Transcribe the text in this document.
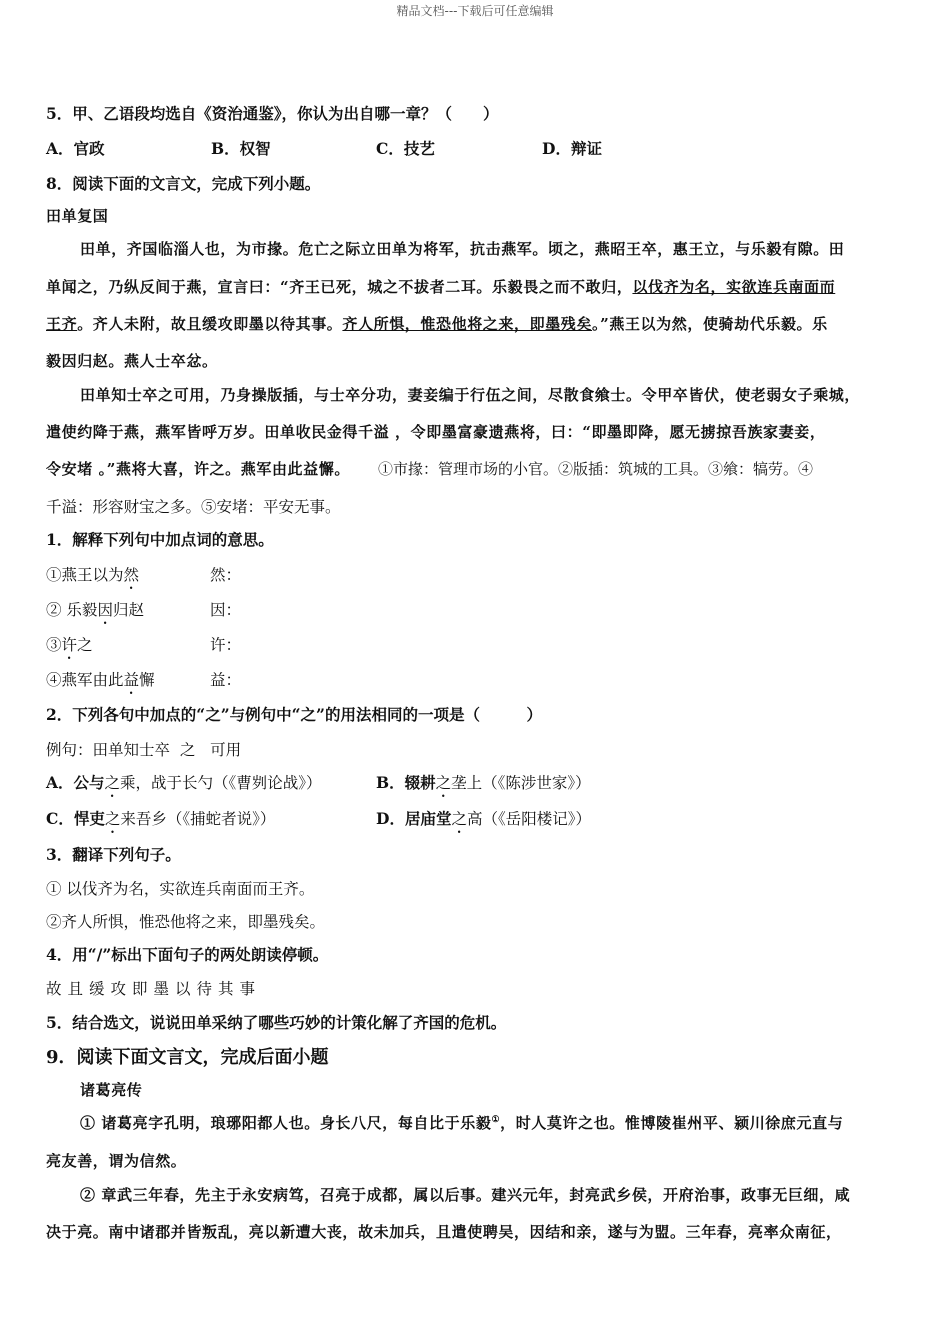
精品文档---下载后可任意编辑
5．甲、乙语段均选自《资治通鉴》，你认为出自哪一章？（　　）
A．官政	B．权智	C．技艺	D．辩证
8．阅读下面的文言文，完成下列小题。
田单复国
田单，齐国临淄人也，为市掾。危亡之际立田单为将军，抗击燕军。顷之，燕昭王卒，惠王立，与乐毅有隙。田
单闻之，乃纵反间于燕，宣言曰：“齐王已死，城之不拔者二耳。乐毅畏之而不敢归，以伐齐为名，实欲连兵南面而
王齐。齐人未附，故且缓攻即墨以待其事。齐人所惧，惟恐他将之来，即墨残矣。”燕王以为然，使骑劫代乐毅。乐
毅因归赵。燕人士卒忿。
田单知士卒之可用，乃身操版插，与士卒分功，妻妾编于行伍之间，尽散食飨士。令甲卒皆伏，使老弱女子乘城，
遣使约降于燕，燕军皆呼万岁。田单收民金得千溢 ，令即墨富豪遗燕将，曰：“即墨即降，愿无掳掠吾族家妻妾，
令安堵 。”燕将大喜，许之。燕军由此益懈。 ①市掾：管理市场的小官。②版插：筑城的工具。③飨：犒劳。④
千溢：形容财宝之多。⑤安堵：平安无事。
1．解释下列句中加点词的意思。
①燕王以为然	然：
② 乐毅因归赵	因：
③许之	许：
④燕军由此益懈	益：
2．下列各句中加点的“之”与例句中“之”的用法相同的一项是（　　　）
例句：田单知士卒  之   可用
A．公与之乘，战于长勺（《曹刿论战》）	B．辍耕之垄上（《陈涉世家》）
C．悍吏之来吾乡（《捕蛇者说》）	D．居庙堂之高（《岳阳楼记》）
3．翻译下列句子。
① 以伐齐为名，实欲连兵南面而王齐。
②齐人所惧，惟恐他将之来，即墨残矣。
4．用“/”标出下面句子的两处朗读停顿。
故且缓攻即墨以待其事
5．结合选文，说说田单采纳了哪些巧妙的计策化解了齐国的危机。
9．阅读下面文言文，完成后面小题
诸葛亮传
① 诸葛亮字孔明，琅琊阳都人也。身长八尺，每自比于乐毅①，时人莫许之也。惟博陵崔州平、颍川徐庶元直与
亮友善，谓为信然。
② 章武三年春，先主于永安病笃，召亮于成都，属以后事。建兴元年，封亮武乡侯，开府治事，政事无巨细，咸
决于亮。南中诸郡并皆叛乱，亮以新遭大丧，故未加兵，且遣使聘吴，因结和亲，遂与为盟。三年春，亮率众南征，
